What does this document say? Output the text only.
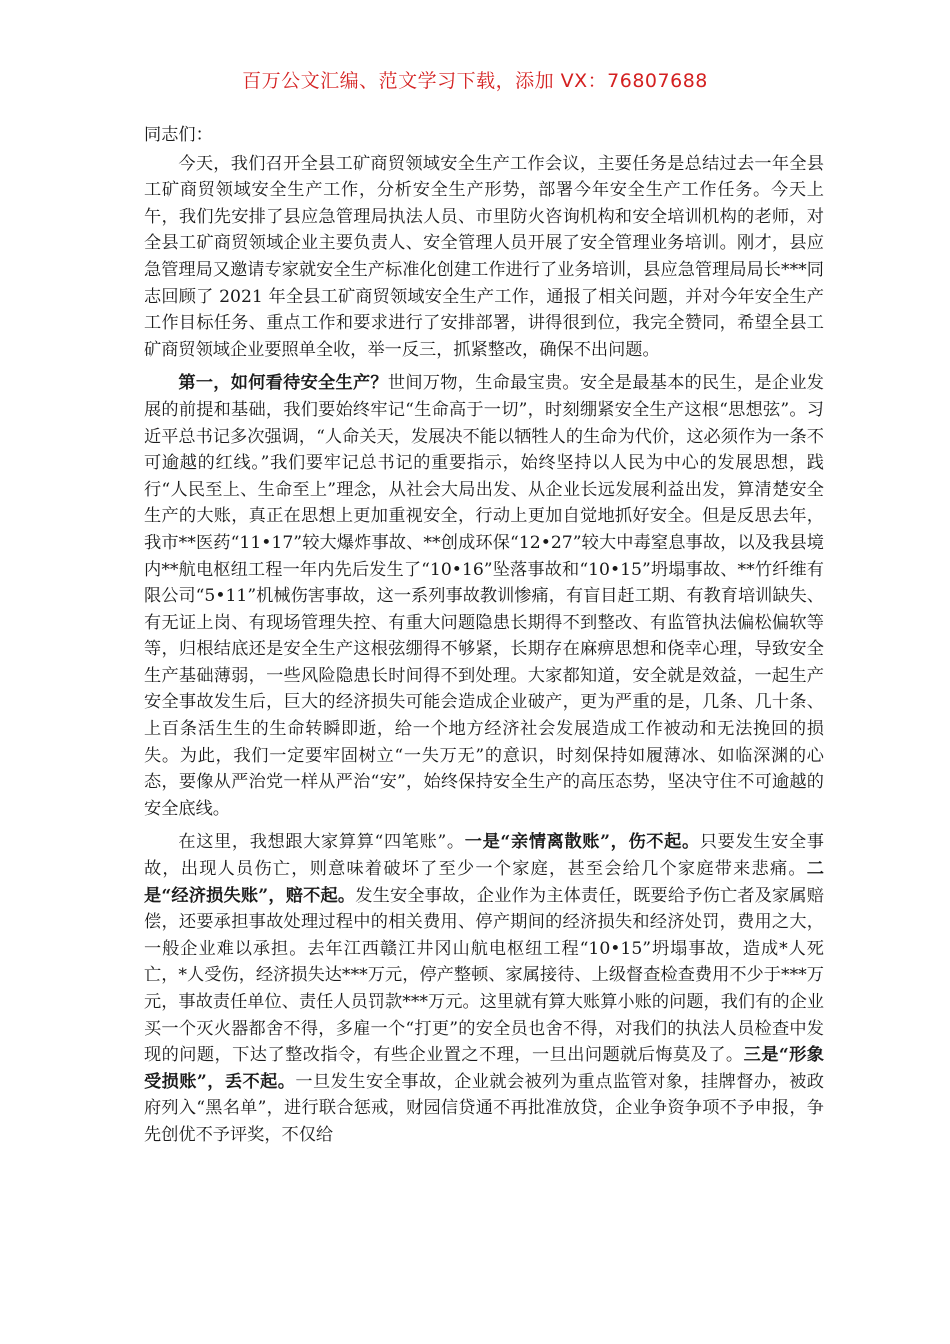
百万公文汇编、范文学习下载，添加 VX：76807688
同志们：

今天，我们召开全县工矿商贸领域安全生产工作会议，主要任务是总结过去一年全县工矿商贸领域安全生产工作，分析安全生产形势，部署今年安全生产工作任务。今天上午，我们先安排了县应急管理局执法人员、市里防火咨询机构和安全培训机构的老师，对全县工矿商贸领域企业主要负责人、安全管理人员开展了安全管理业务培训。刚才，县应急管理局又邀请专家就安全生产标准化创建工作进行了业务培训，县应急管理局局长***同志回顾了 2021 年全县工矿商贸领域安全生产工作，通报了相关问题，并对今年安全生产工作目标任务、重点工作和要求进行了安排部署，讲得很到位，我完全赞同，希望全县工矿商贸领域企业要照单全收，举一反三，抓紧整改，确保不出问题。

第一，如何看待安全生产？世间万物，生命最宝贵。安全是最基本的民生，是企业发展的前提和基础，我们要始终牢记“生命高于一切”，时刻绷紧安全生产这根“思想弦”。习近平总书记多次强调，“人命关天，发展决不能以牺牲人的生命为代价，这必须作为一条不可逾越的红线。”我们要牢记总书记的重要指示，始终坚持以人民为中心的发展思想，践行“人民至上、生命至上”理念，从社会大局出发、从企业长远发展利益出发，算清楚安全生产的大账，真正在思想上更加重视安全，行动上更加自觉地抓好安全。但是反思去年，我市**医药“11•17”较大爆炸事故、**创成环保“12•27”较大中毒窒息事故，以及我县境内**航电枢纽工程一年内先后发生了“10•16”坠落事故和“10•15”坍塌事故、**竹纤维有限公司“5•11”机械伤害事故，这一系列事故教训惨痛，有盲目赶工期、有教育培训缺失、有无证上岗、有现场管理失控、有重大问题隐患长期得不到整改、有监管执法偏松偏软等等，归根结底还是安全生产这根弦绷得不够紧，长期存在麻痹思想和侥幸心理，导致安全生产基础薄弱，一些风险隐患长时间得不到处理。大家都知道，安全就是效益，一起生产安全事故发生后，巨大的经济损失可能会造成企业破产，更为严重的是，几条、几十条、上百条活生生的生命转瞬即逝，给一个地方经济社会发展造成工作被动和无法挽回的损失。为此，我们一定要牢固树立“一失万无”的意识，时刻保持如履薄冰、如临深渊的心态，要像从严治党一样从严治“安”，始终保持安全生产的高压态势，坚决守住不可逾越的安全底线。

在这里，我想跟大家算算“四笔账”。一是“亲情离散账”，伤不起。只要发生安全事故，出现人员伤亡，则意味着破坏了至少一个家庭，甚至会给几个家庭带来悲痛。二是“经济损失账”，赔不起。发生安全事故，企业作为主体责任，既要给予伤亡者及家属赔偿，还要承担事故处理过程中的相关费用、停产期间的经济损失和经济处罚，费用之大，一般企业难以承担。去年江西赣江井冈山航电枢纽工程“10•15”坍塌事故，造成*人死亡，*人受伤，经济损失达***万元，停产整顿、家属接待、上级督查检查费用不少于***万元，事故责任单位、责任人员罚款***万元。这里就有算大账算小账的问题，我们有的企业买一个灭火器都舍不得，多雇一个“打更”的安全员也舍不得，对我们的执法人员检查中发现的问题，下达了整改指令，有些企业置之不理，一旦出问题就后悔莫及了。三是“形象受损账”，丢不起。一旦发生安全事故，企业就会被列为重点监管对象，挂牌督办，被政府列入“黑名单”，进行联合惩戒，财园信贷通不再批准放贷，企业争资争项不予申报，争先创优不予评奖，不仅给
